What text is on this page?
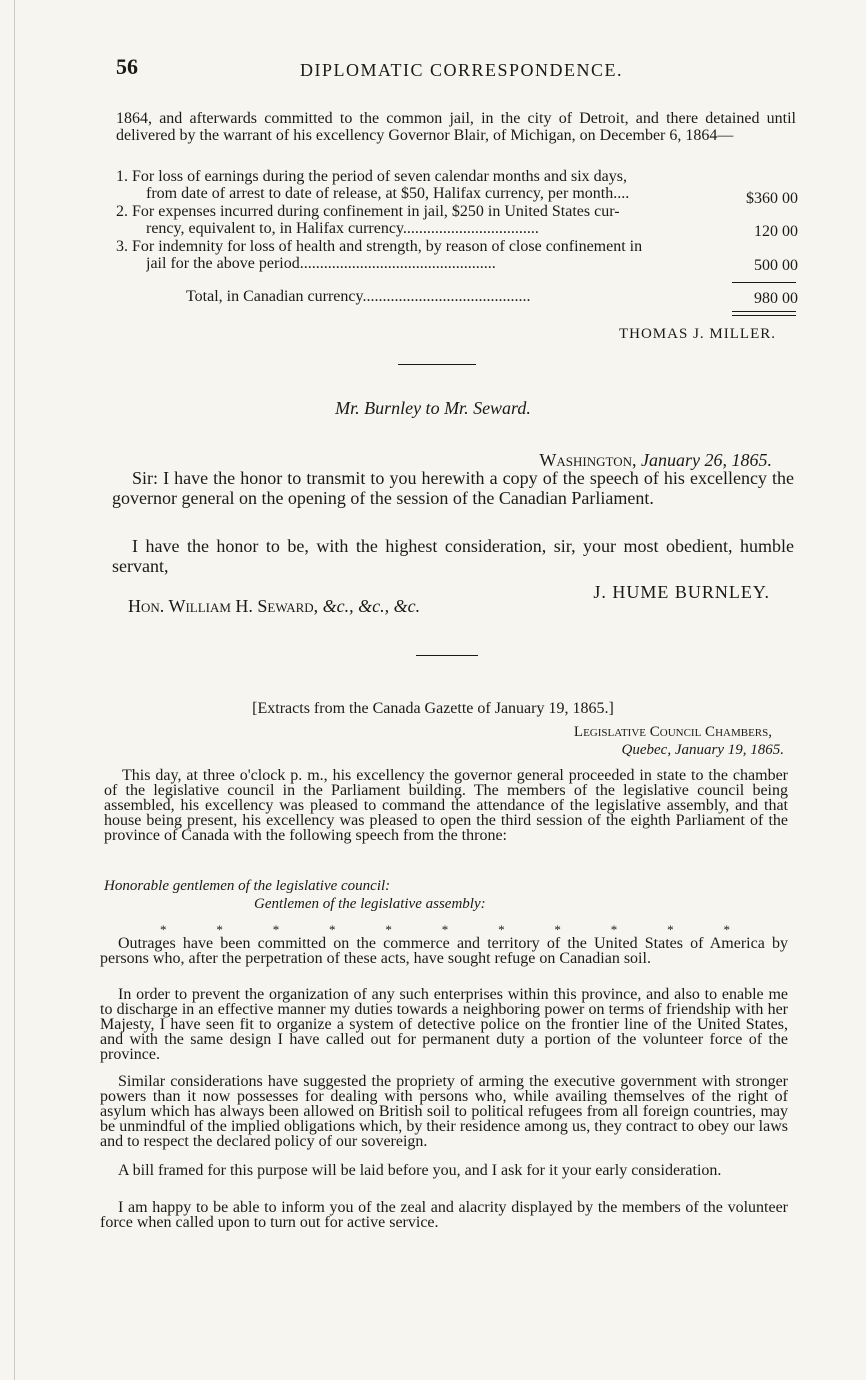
56	DIPLOMATIC CORRESPONDENCE.
1864, and afterwards committed to the common jail, in the city of Detroit, and there detained until delivered by the warrant of his excellency Governor Blair, of Michigan, on December 6, 1864—
1. For loss of earnings during the period of seven calendar months and six days,
from date of arrest to date of release, at $50, Halifax currency, per month....	$360 00
2. For expenses incurred during confinement in jail, $250 in United States cur-
rency, equivalent to, in Halifax currency..................................	120 00
3. For indemnity for loss of health and strength, by reason of close confinement in
jail for the above period.................................................	500 00
Total, in Canadian currency..........................................	980 00
THOMAS J. MILLER.
Mr. Burnley to Mr. Seward.
Washington, January 26, 1865.
Sir: I have the honor to transmit to you herewith a copy of the speech of his excellency the governor general on the opening of the session of the Canadian Parliament.
I have the honor to be, with the highest consideration, sir, your most obedient, humble servant,
J. HUME BURNLEY.
Hon. William H. Seward, &c., &c., &c.
[Extracts from the Canada Gazette of January 19, 1865.]
Legislative Council Chambers,
Quebec, January 19, 1865.
This day, at three o'clock p. m., his excellency the governor general proceeded in state to the chamber of the legislative council in the Parliament building. The members of the legislative council being assembled, his excellency was pleased to command the attendance of the legislative assembly, and that house being present, his excellency was pleased to open the third session of the eighth Parliament of the province of Canada with the following speech from the throne:
Honorable gentlemen of the legislative council:
Gentlemen of the legislative assembly:
*	*	*	*	*	*	*	*	*	*	*
Outrages have been committed on the commerce and territory of the United States of America by persons who, after the perpetration of these acts, have sought refuge on Canadian soil.
In order to prevent the organization of any such enterprises within this province, and also to enable me to discharge in an effective manner my duties towards a neighboring power on terms of friendship with her Majesty, I have seen fit to organize a system of detective police on the frontier line of the United States, and with the same design I have called out for permanent duty a portion of the volunteer force of the province.
Similar considerations have suggested the propriety of arming the executive government with stronger powers than it now possesses for dealing with persons who, while availing themselves of the right of asylum which has always been allowed on British soil to political refugees from all foreign countries, may be unmindful of the implied obligations which, by their residence among us, they contract to obey our laws and to respect the declared policy of our sovereign.
A bill framed for this purpose will be laid before you, and I ask for it your early consideration.
I am happy to be able to inform you of the zeal and alacrity displayed by the members of the volunteer force when called upon to turn out for active service.
